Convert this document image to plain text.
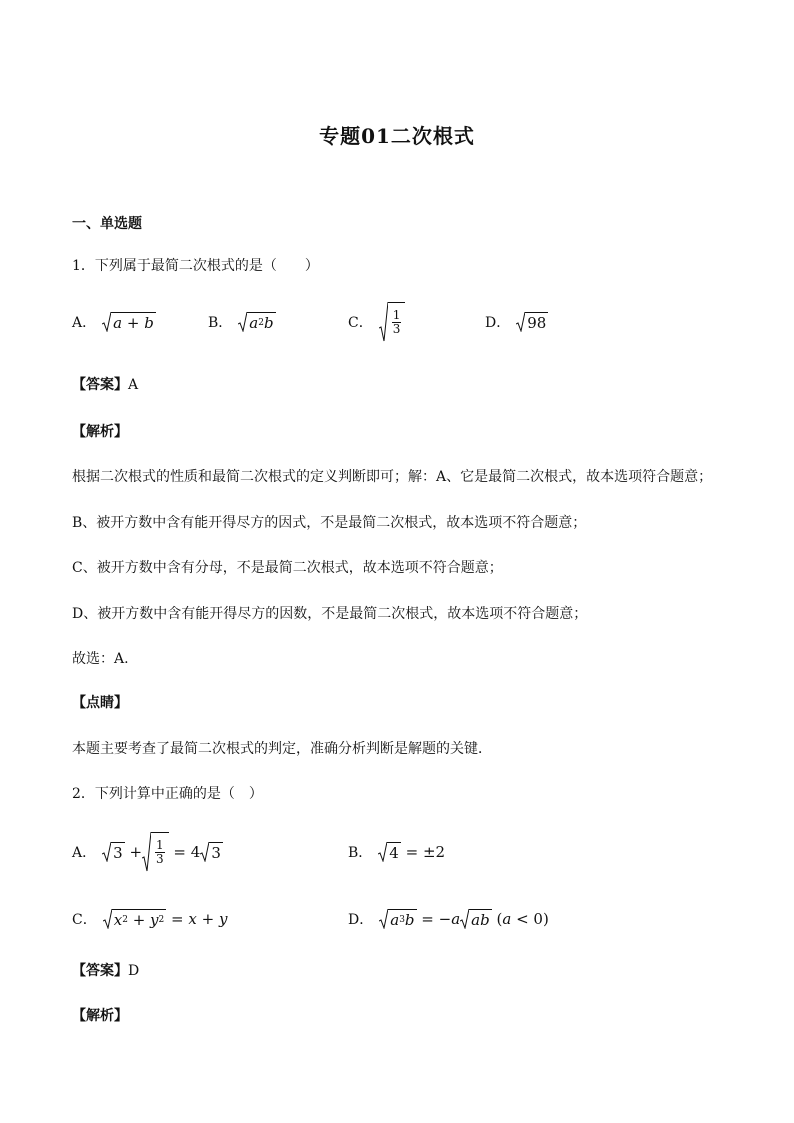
专题01二次根式
一、单选题
1．下列属于最简二次根式的是（　　）
A． a + b	B． a 2 b	C． $\frac{1}{3}$	D． 98
【答案】A
【解析】
根据二次根式的性质和最简二次根式的定义判断即可；解：A、它是最简二次根式，故本选项符合题意；
B、被开方数中含有能开得尽方的因式，不是最简二次根式，故本选项不符合题意；
C、被开方数中含有分母，不是最简二次根式，故本选项不符合题意；
D、被开方数中含有能开得尽方的因数，不是最简二次根式，故本选项不符合题意；
故选：A.
【点睛】
本题主要考查了最简二次根式的判定，准确分析判断是解题的关键．
2．下列计算中正确的是（　）
A． $3 + \frac{1}{3} = 4$ 3	B． 4 = ±2
C． x 2 + y 2 = x + y	D． a 3 b = − a ab ( a < 0)
【答案】D
【解析】
